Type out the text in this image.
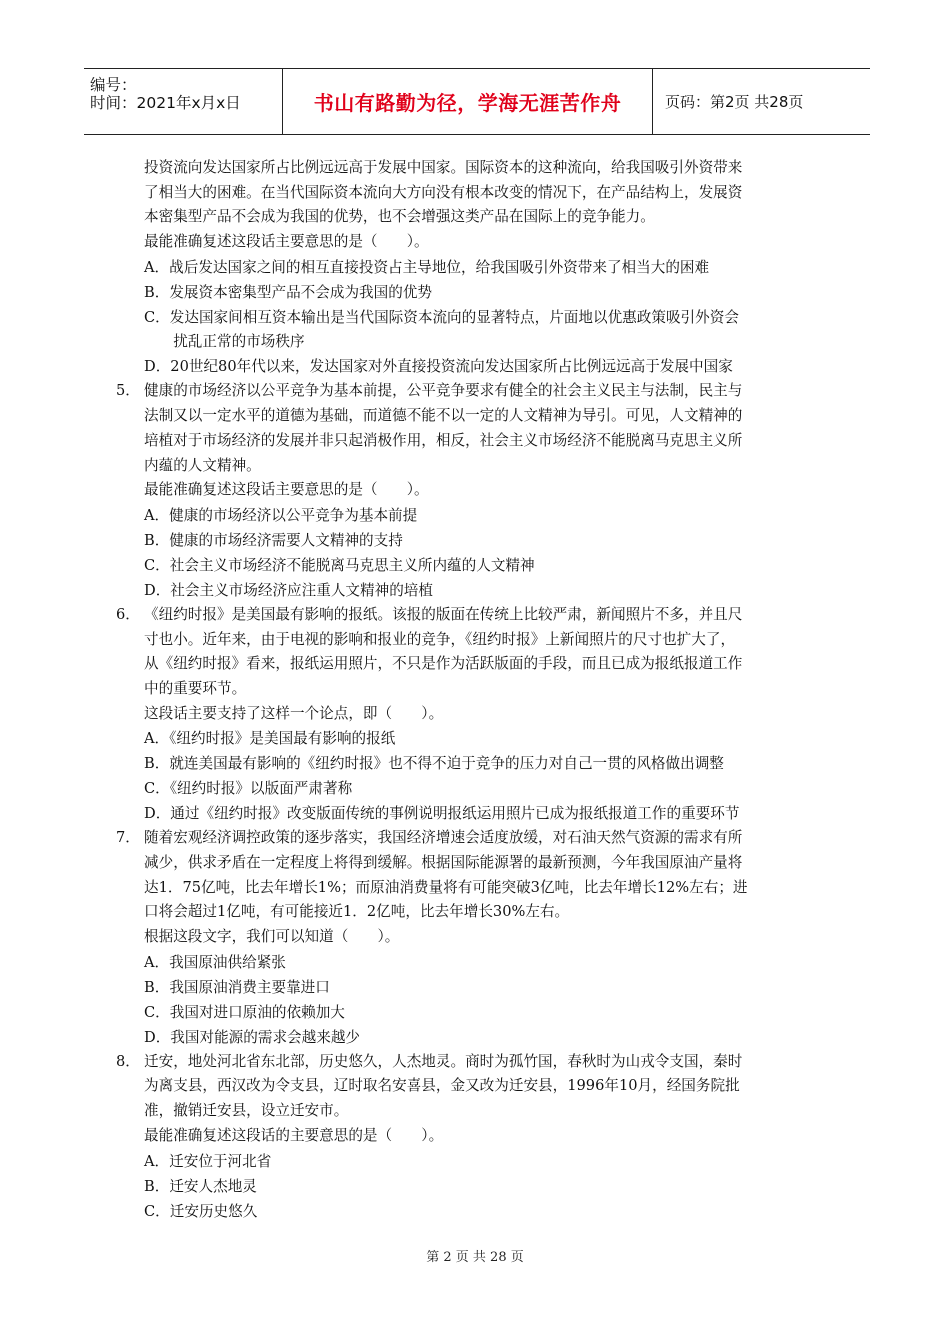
编号：
时间：2021年x月x日	书山有路勤为径，学海无涯苦作舟	页码：第2页 共28页
投资流向发达国家所占比例远远高于发展中国家。国际资本的这种流向，给我国吸引外资带来
了相当大的困难。在当代国际资本流向大方向没有根本改变的情况下，在产品结构上，发展资
本密集型产品不会成为我国的优势，也不会增强这类产品在国际上的竞争能力。
最能准确复述这段话主要意思的是（　　）。
A．战后发达国家之间的相互直接投资占主导地位，给我国吸引外资带来了相当大的困难
B．发展资本密集型产品不会成为我国的优势
C．发达国家间相互资本输出是当代国际资本流向的显著特点，片面地以优惠政策吸引外资会
　　扰乱正常的市场秩序
D．20世纪80年代以来，发达国家对外直接投资流向发达国家所占比例远远高于发展中国家
5． 健康的市场经济以公平竞争为基本前提，公平竞争要求有健全的社会主义民主与法制，民主与
法制又以一定水平的道德为基础，而道德不能不以一定的人文精神为导引。可见，人文精神的
培植对于市场经济的发展并非只起消极作用，相反，社会主义市场经济不能脱离马克思主义所
内蕴的人文精神。
最能准确复述这段话主要意思的是（　　）。
A．健康的市场经济以公平竞争为基本前提
B．健康的市场经济需要人文精神的支持
C．社会主义市场经济不能脱离马克思主义所内蕴的人文精神
D．社会主义市场经济应注重人文精神的培植
6． 《纽约时报》是美国最有影响的报纸。该报的版面在传统上比较严肃，新闻照片不多，并且尺
寸也小。近年来，由于电视的影响和报业的竞争，《纽约时报》上新闻照片的尺寸也扩大了，
从《纽约时报》看来，报纸运用照片，不只是作为活跃版面的手段，而且已成为报纸报道工作
中的重要环节。
这段话主要支持了这样一个论点，即（　　）。
A．《纽约时报》是美国最有影响的报纸
B．就连美国最有影响的《纽约时报》也不得不迫于竞争的压力对自己一贯的风格做出调整
C．《纽约时报》以版面严肃著称
D．通过《纽约时报》改变版面传统的事例说明报纸运用照片已成为报纸报道工作的重要环节
7． 随着宏观经济调控政策的逐步落实，我国经济增速会适度放缓，对石油天然气资源的需求有所
减少，供求矛盾在一定程度上将得到缓解。根据国际能源署的最新预测，今年我国原油产量将
达1．75亿吨，比去年增长1%；而原油消费量将有可能突破3亿吨，比去年增长12%左右；进
口将会超过1亿吨，有可能接近1．2亿吨，比去年增长30%左右。
根据这段文字，我们可以知道（　　）。
A．我国原油供给紧张
B．我国原油消费主要靠进口
C．我国对进口原油的依赖加大
D．我国对能源的需求会越来越少
8． 迁安，地处河北省东北部，历史悠久，人杰地灵。商时为孤竹国，春秋时为山戎令支国，秦时
为离支县，西汉改为令支县，辽时取名安喜县，金又改为迁安县，1996年10月，经国务院批
准，撤销迁安县，设立迁安市。
最能准确复述这段话的主要意思的是（　　）。
A．迁安位于河北省
B．迁安人杰地灵
C．迁安历史悠久
第 2 页 共 28 页
